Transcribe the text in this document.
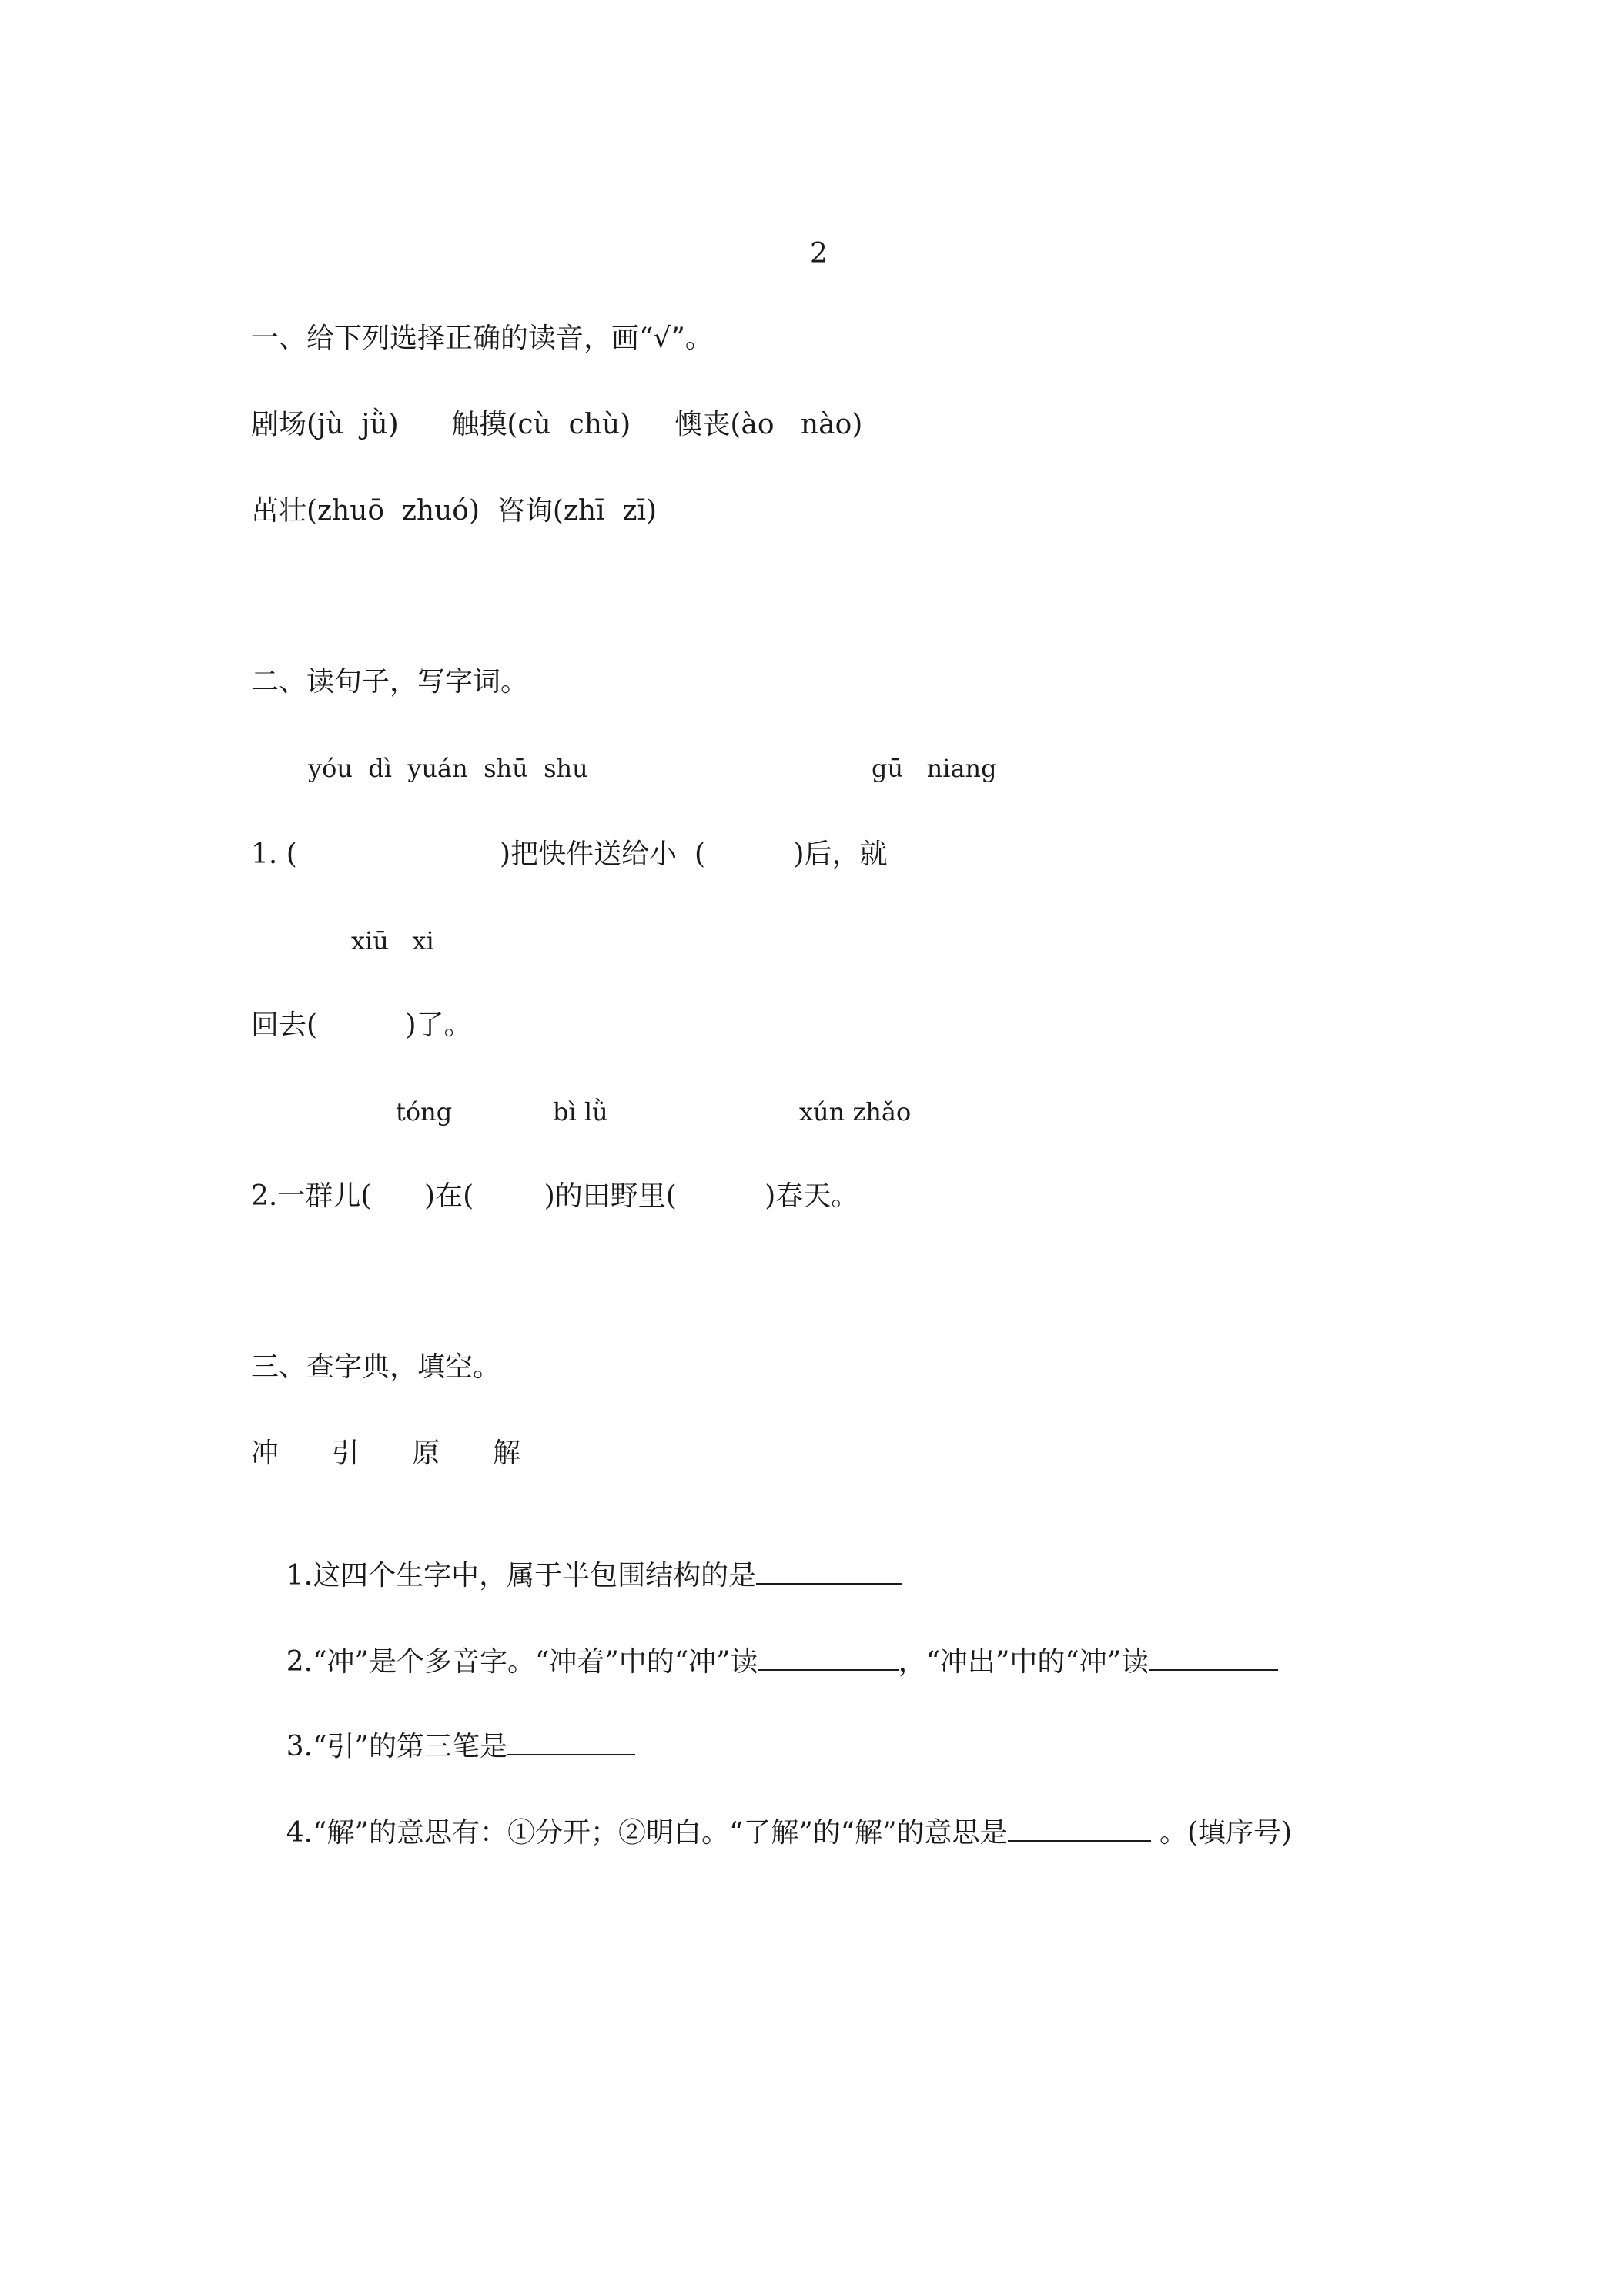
2

一、给下列选择正确的读音，画“√”。

剧场(jù  jǜ)      触摸(cù  chù)     懊丧(ào   nào)

茁壮(zhuō  zhuó)  咨询(zhī  zī)

二、读句子，写字词。

yóu  dì  yuán  shū  shu	gū   niang

1. (                       )把快件送给小  (          )后，就

xiū   xi

回去(          )了。

tóng	bì lǜ	xún zhǎo

2.一群儿(      )在(        )的田野里(          )春天。

三、查字典，填空。

冲      引      原      解

1.这四个生字中，属于半包围结构的是

2.“冲”是个多音字。“冲着”中的“冲”读	，“冲出”中的“冲”读

3.“引”的第三笔是

4.“解”的意思有：①分开；②明白。“了解”的“解”的意思是	。(填序号)
